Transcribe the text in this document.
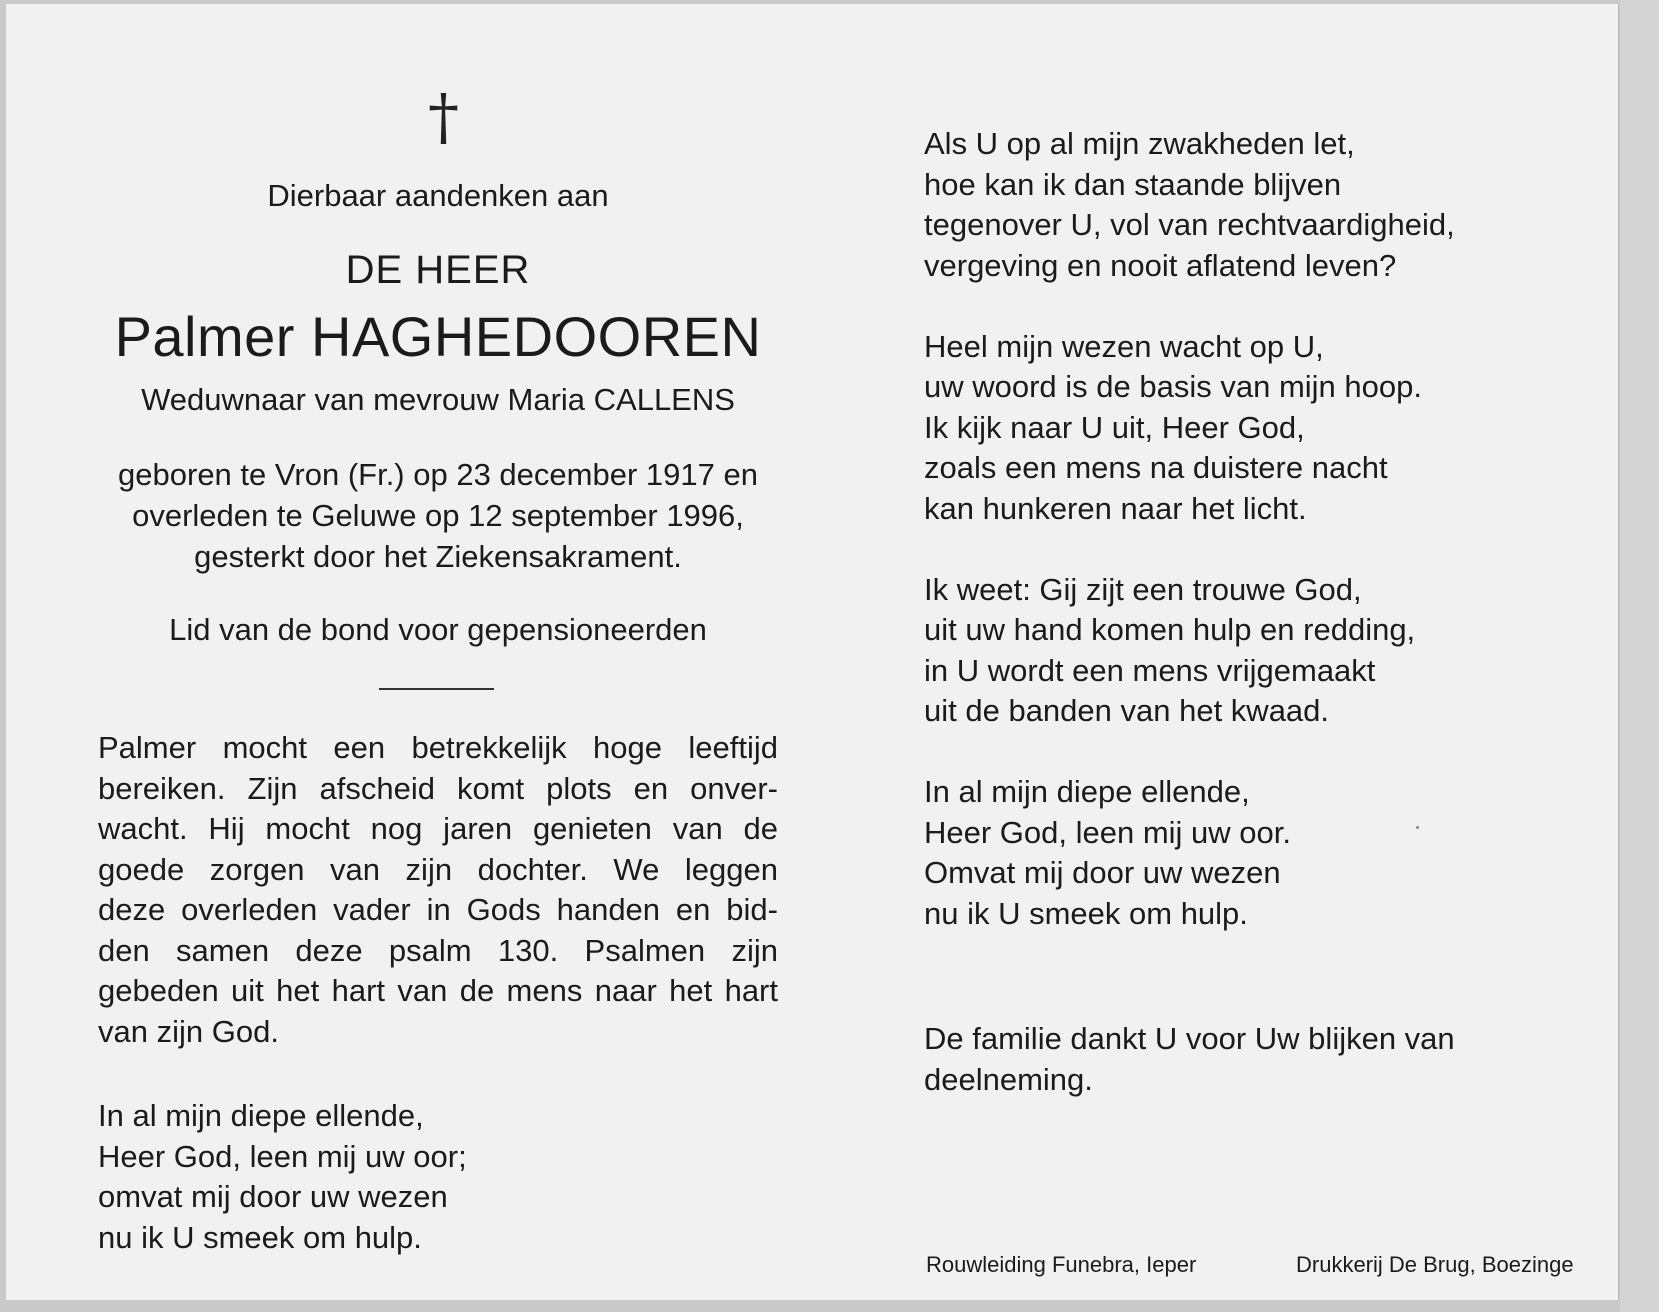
†
Dierbaar aandenken aan
DE HEER
Palmer HAGHEDOOREN
Weduwnaar van mevrouw Maria CALLENS
geboren te Vron (Fr.) op 23 december 1917 en
overleden te Geluwe op 12 september 1996,
gesterkt door het Ziekensakrament.
Lid van de bond voor gepensioneerden
Palmer mocht een betrekkelijk hoge leeftijd
bereiken. Zijn afscheid komt plots en onver-
wacht. Hij mocht nog jaren genieten van de
goede zorgen van zijn dochter. We leggen
deze overleden vader in Gods handen en bid-
den samen deze psalm 130. Psalmen zijn
gebeden uit het hart van de mens naar het hart
van zijn God.
In al mijn diepe ellende,
Heer God, leen mij uw oor;
omvat mij door uw wezen
nu ik U smeek om hulp.
Als U op al mijn zwakheden let,
hoe kan ik dan staande blijven
tegenover U, vol van rechtvaardigheid,
vergeving en nooit aflatend leven?
Heel mijn wezen wacht op U,
uw woord is de basis van mijn hoop.
Ik kijk naar U uit, Heer God,
zoals een mens na duistere nacht
kan hunkeren naar het licht.
Ik weet: Gij zijt een trouwe God,
uit uw hand komen hulp en redding,
in U wordt een mens vrijgemaakt
uit de banden van het kwaad.
In al mijn diepe ellende,
Heer God, leen mij uw oor.
Omvat mij door uw wezen
nu ik U smeek om hulp.
De familie dankt U voor Uw blijken van
deelneming.
Rouwleiding Funebra, Ieper	Drukkerij De Brug, Boezinge
